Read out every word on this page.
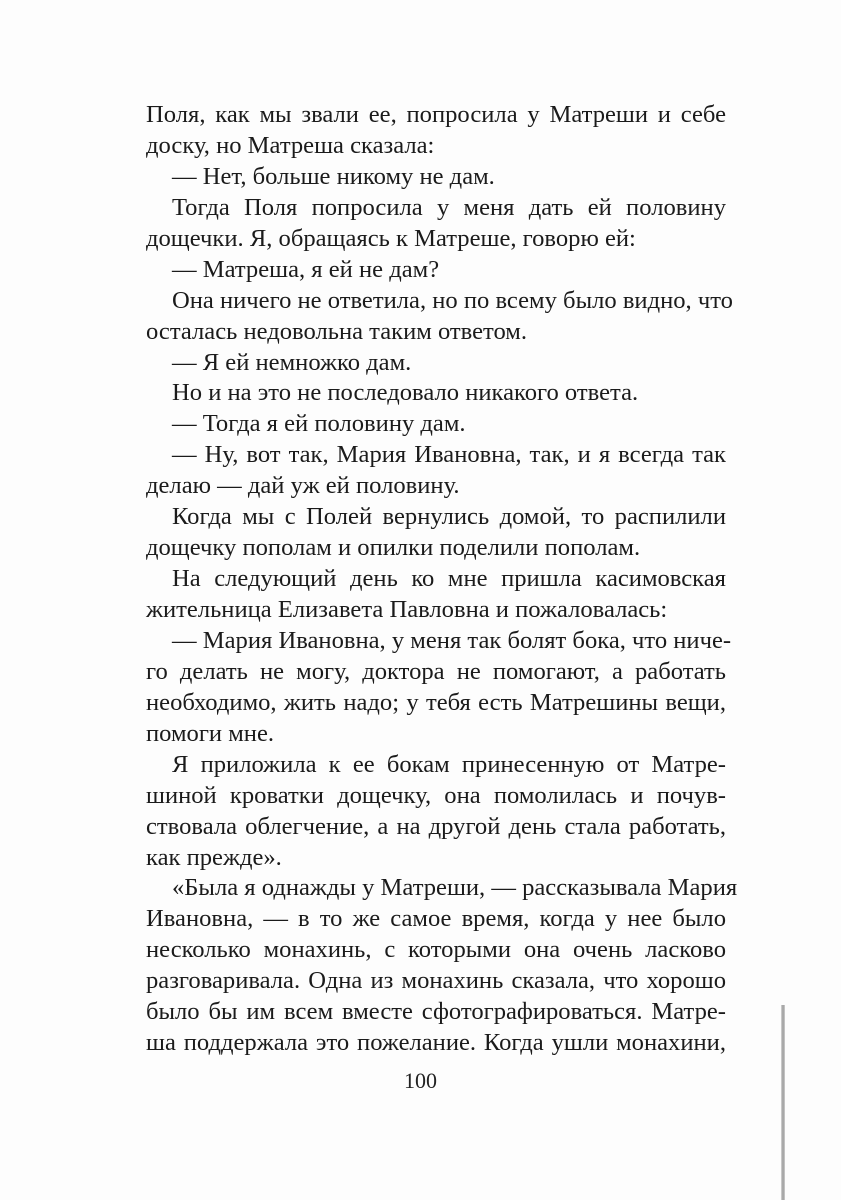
Поля, как мы звали ее, попросила у Матреши и себе
доску, но Матреша сказала:
— Нет, больше никому не дам.
Тогда Поля попросила у меня дать ей половину
дощечки. Я, обращаясь к Матреше, говорю ей:
— Матреша, я ей не дам?
Она ничего не ответила, но по всему было видно, что
осталась недовольна таким ответом.
— Я ей немножко дам.
Но и на это не последовало никакого ответа.
— Тогда я ей половину дам.
— Ну, вот так, Мария Ивановна, так, и я всегда так
делаю — дай уж ей половину.
Когда мы с Полей вернулись домой, то распилили
дощечку пополам и опилки поделили пополам.
На следующий день ко мне пришла касимовская
жительница Елизавета Павловна и пожаловалась:
— Мария Ивановна, у меня так болят бока, что ниче-
го делать не могу, доктора не помогают, а работать
необходимо, жить надо; у тебя есть Матрешины вещи,
помоги мне.
Я приложила к ее бокам принесенную от Матре-
шиной кроватки дощечку, она помолилась и почув-
ствовала облегчение, а на другой день стала работать,
как прежде».
«Была я однажды у Матреши, — рассказывала Мария
Ивановна, — в то же самое время, когда у нее было
несколько монахинь, с которыми она очень ласково
разговаривала. Одна из монахинь сказала, что хорошо
было бы им всем вместе сфотографироваться. Матре-
ша поддержала это пожелание. Когда ушли монахини,
100
